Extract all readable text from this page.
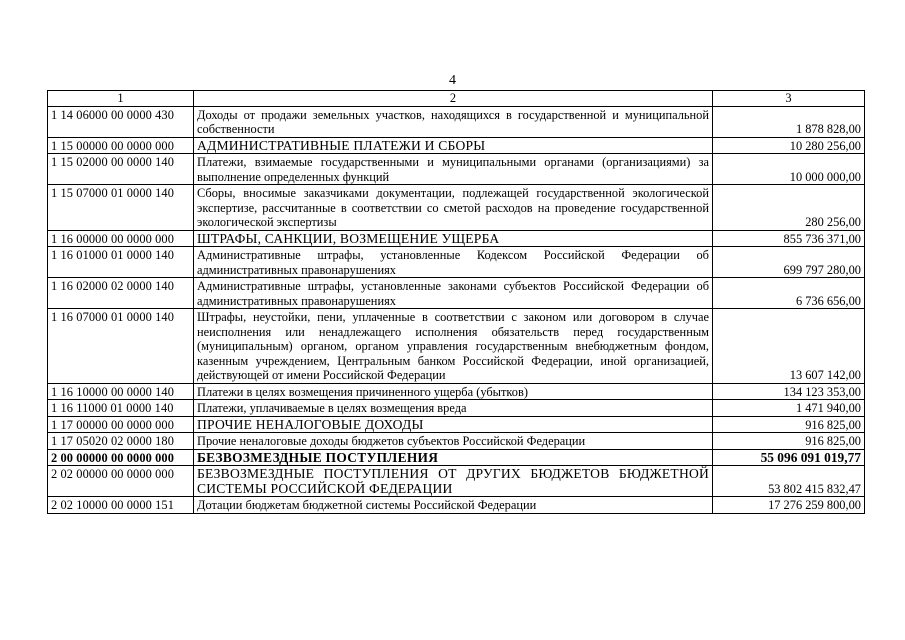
4
1	2	3
1 14 06000 00 0000 430	Доходы от продажи земельных участков, находящихся в государственной и муниципальной собственности	1 878 828,00
1 15 00000 00 0000 000	АДМИНИСТРАТИВНЫЕ ПЛАТЕЖИ И СБОРЫ	10 280 256,00
1 15 02000 00 0000 140	Платежи, взимаемые государственными и муниципальными органами (организациями) за выполнение определенных функций	10 000 000,00
1 15 07000 01 0000 140	Сборы, вносимые заказчиками документации, подлежащей государственной экологической экспертизе, рассчитанные в соответствии со сметой расходов на проведение государственной экологической экспертизы	280 256,00
1 16 00000 00 0000 000	ШТРАФЫ, САНКЦИИ, ВОЗМЕЩЕНИЕ УЩЕРБА	855 736 371,00
1 16 01000 01 0000 140	Административные штрафы, установленные Кодексом Российской Федерации об административных правонарушениях	699 797 280,00
1 16 02000 02 0000 140	Административные штрафы, установленные законами субъектов Российской Федерации об административных правонарушениях	6 736 656,00
1 16 07000 01 0000 140	Штрафы, неустойки, пени, уплаченные в соответствии с законом или договором в случае неисполнения или ненадлежащего исполнения обязательств перед государственным (муниципальным) органом, органом управления государственным внебюджетным фондом, казенным учреждением, Центральным банком Российской Федерации, иной организацией, действующей от имени Российской Федерации	13 607 142,00
1 16 10000 00 0000 140	Платежи в целях возмещения причиненного ущерба (убытков)	134 123 353,00
1 16 11000 01 0000 140	Платежи, уплачиваемые в целях возмещения вреда	1 471 940,00
1 17 00000 00 0000 000	ПРОЧИЕ НЕНАЛОГОВЫЕ ДОХОДЫ	916 825,00
1 17 05020 02 0000 180	Прочие неналоговые доходы бюджетов субъектов Российской Федерации	916 825,00
2 00 00000 00 0000 000	БЕЗВОЗМЕЗДНЫЕ ПОСТУПЛЕНИЯ	55 096 091 019,77
2 02 00000 00 0000 000	БЕЗВОЗМЕЗДНЫЕ ПОСТУПЛЕНИЯ ОТ ДРУГИХ БЮДЖЕТОВ БЮДЖЕТНОЙ СИСТЕМЫ РОССИЙСКОЙ ФЕДЕРАЦИИ	53 802 415 832,47
2 02 10000 00 0000 151	Дотации бюджетам бюджетной системы Российской Федерации	17 276 259 800,00
